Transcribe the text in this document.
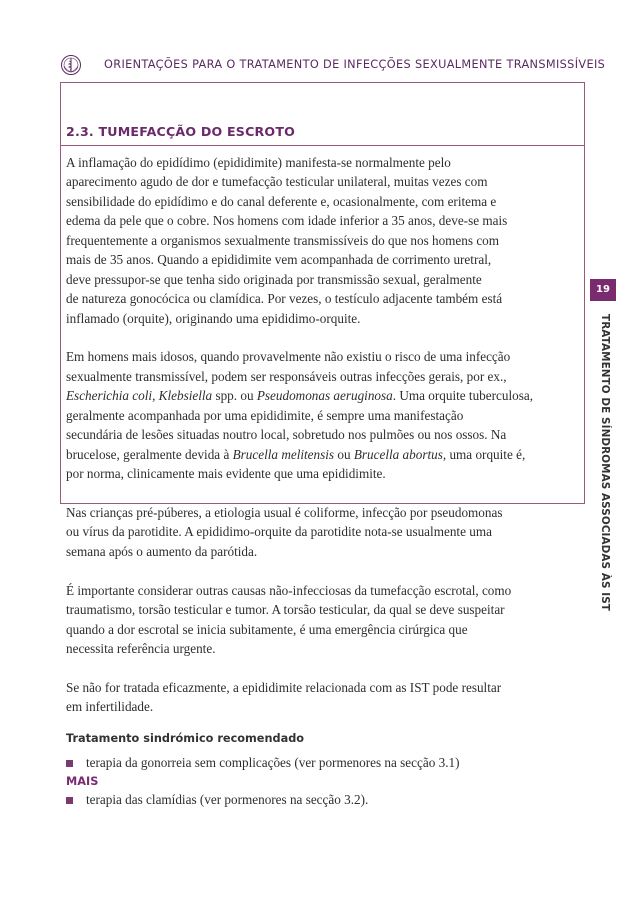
ORIENTAÇÕES PARA O TRATAMENTO DE INFECÇÕES SEXUALMENTE TRANSMISSÍVEIS
2.3. TUMEFACÇÃO DO ESCROTO

A inflamação do epidídimo (epididimite) manifesta-se normalmente pelo
aparecimento agudo de dor e tumefacção testicular unilateral, muitas vezes com
sensibilidade do epidídimo e do canal deferente e, ocasionalmente, com eritema e
edema da pele que o cobre. Nos homens com idade inferior a 35 anos, deve-se mais
frequentemente a organismos sexualmente transmissíveis do que nos homens com
mais de 35 anos. Quando a epididimite vem acompanhada de corrimento uretral,
deve pressupor-se que tenha sido originada por transmissão sexual, geralmente
de natureza gonocócica ou clamídica. Por vezes, o testículo adjacente também está
inflamado (orquite), originando uma epididimo-orquite.

Em homens mais idosos, quando provavelmente não existiu o risco de uma infecção
sexualmente transmissível, podem ser responsáveis outras infecções gerais, por ex.,
Escherichia coli, Klebsiella spp. ou Pseudomonas aeruginosa. Uma orquite tuberculosa,
geralmente acompanhada por uma epididimite, é sempre uma manifestação
secundária de lesões situadas noutro local, sobretudo nos pulmões ou nos ossos. Na
brucelose, geralmente devida à Brucella melitensis ou Brucella abortus, uma orquite é,
por norma, clinicamente mais evidente que uma epididimite.

Nas crianças pré-púberes, a etiologia usual é coliforme, infecção por pseudomonas
ou vírus da parotidite. A epididimo-orquite da parotidite nota-se usualmente uma
semana após o aumento da parótida.

É importante considerar outras causas não-infecciosas da tumefacção escrotal, como
traumatismo, torsão testicular e tumor. A torsão testicular, da qual se deve suspeitar
quando a dor escrotal se inicia subitamente, é uma emergência cirúrgica que
necessita referência urgente.

Se não for tratada eficazmente, a epididimite relacionada com as IST pode resultar
em infertilidade.

Tratamento sindrómico recomendado
terapia da gonorreia sem complicações (ver pormenores na secção 3.1)
MAIS
terapia das clamídias (ver pormenores na secção 3.2).
19
TRATAMENTO DE SÍNDROMAS ASSOCIADAS ÀS IST
